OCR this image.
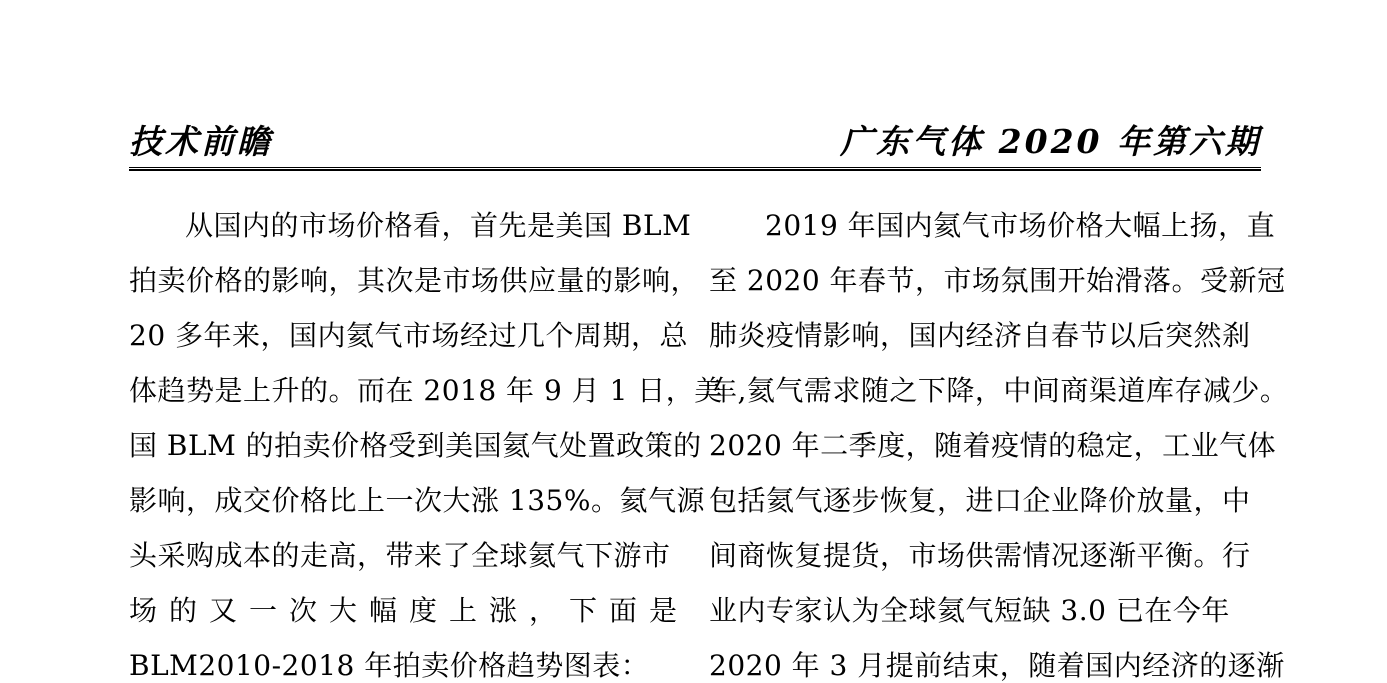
技术前瞻	广东气体 2020 年第六期
从国内的市场价格看，首先是美国 BLM
拍卖价格的影响，其次是市场供应量的影响，
20 多年来，国内氦气市场经过几个周期，总
体趋势是上升的。而在 2018 年 9 月 1 日，美
国 BLM 的拍卖价格受到美国氦气处置政策的
影响，成交价格比上一次大涨 135%。氦气源
头采购成本的走高，带来了全球氦气下游市
场的又一次大幅度上涨，下面是
BLM2010-2018 年拍卖价格趋势图表：
2019 年国内氦气市场价格大幅上扬，直
至 2020 年春节，市场氛围开始滑落。受新冠
肺炎疫情影响，国内经济自春节以后突然刹
车,氦气需求随之下降，中间商渠道库存减少。
2020 年二季度，随着疫情的稳定，工业气体
包括氦气逐步恢复，进口企业降价放量，中
间商恢复提货，市场供需情况逐渐平衡。行
业内专家认为全球氦气短缺 3.0 已在今年
2020 年 3 月提前结束，随着国内经济的逐渐
